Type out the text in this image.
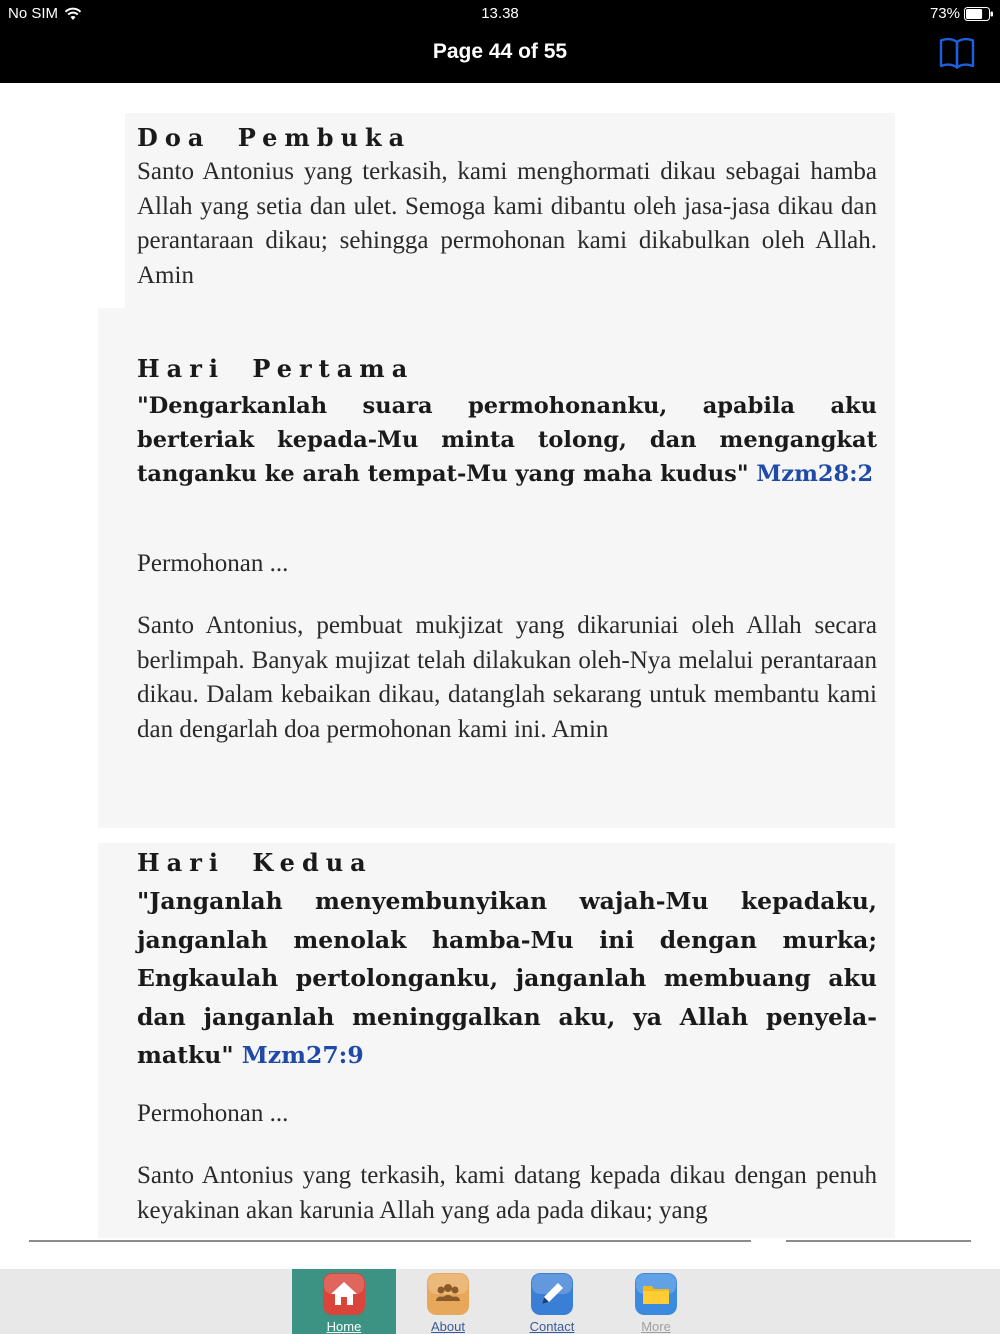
No SIM	13.38	73%
Page 44 of 55
Doa Pembuka

Santo Antonius yang terkasih, kami menghormati dikau sebagai hamba Allah yang setia dan ulet. Semoga kami dibantu oleh jasa-jasa dikau dan perantaraan dikau; sehingga permohonan kami dikabulkan oleh Allah. Amin

Hari Pertama

"Dengarkanlah suara permohonanku, apabila aku berteriak kepada-Mu minta tolong, dan mengangkat tanganku ke arah tempat-Mu yang maha kudus" Mzm28:2

Permohonan ...

Santo Antonius, pembuat mukjizat yang dikaruniai oleh Allah secara berlimpah. Banyak mujizat telah dilakukan oleh-Nya melalui perantaraan dikau. Dalam kebaikan dikau, datanglah sekarang untuk membantu kami dan dengarlah doa permohonan kami ini. Amin

Hari Kedua

"Janganlah menyembunyikan wajah-Mu kepadaku, janganlah menolak hamba-Mu ini dengan murka; Engkaulah pertolonganku, janganlah membuang aku dan janganlah meninggalkan aku, ya Allah penyela-matku" Mzm27:9

Permohonan ...

Santo Antonius yang terkasih, kami datang kepada dikau dengan penuh keyakinan akan karunia Allah yang ada pada dikau; yang

Home	About	Contact	More
